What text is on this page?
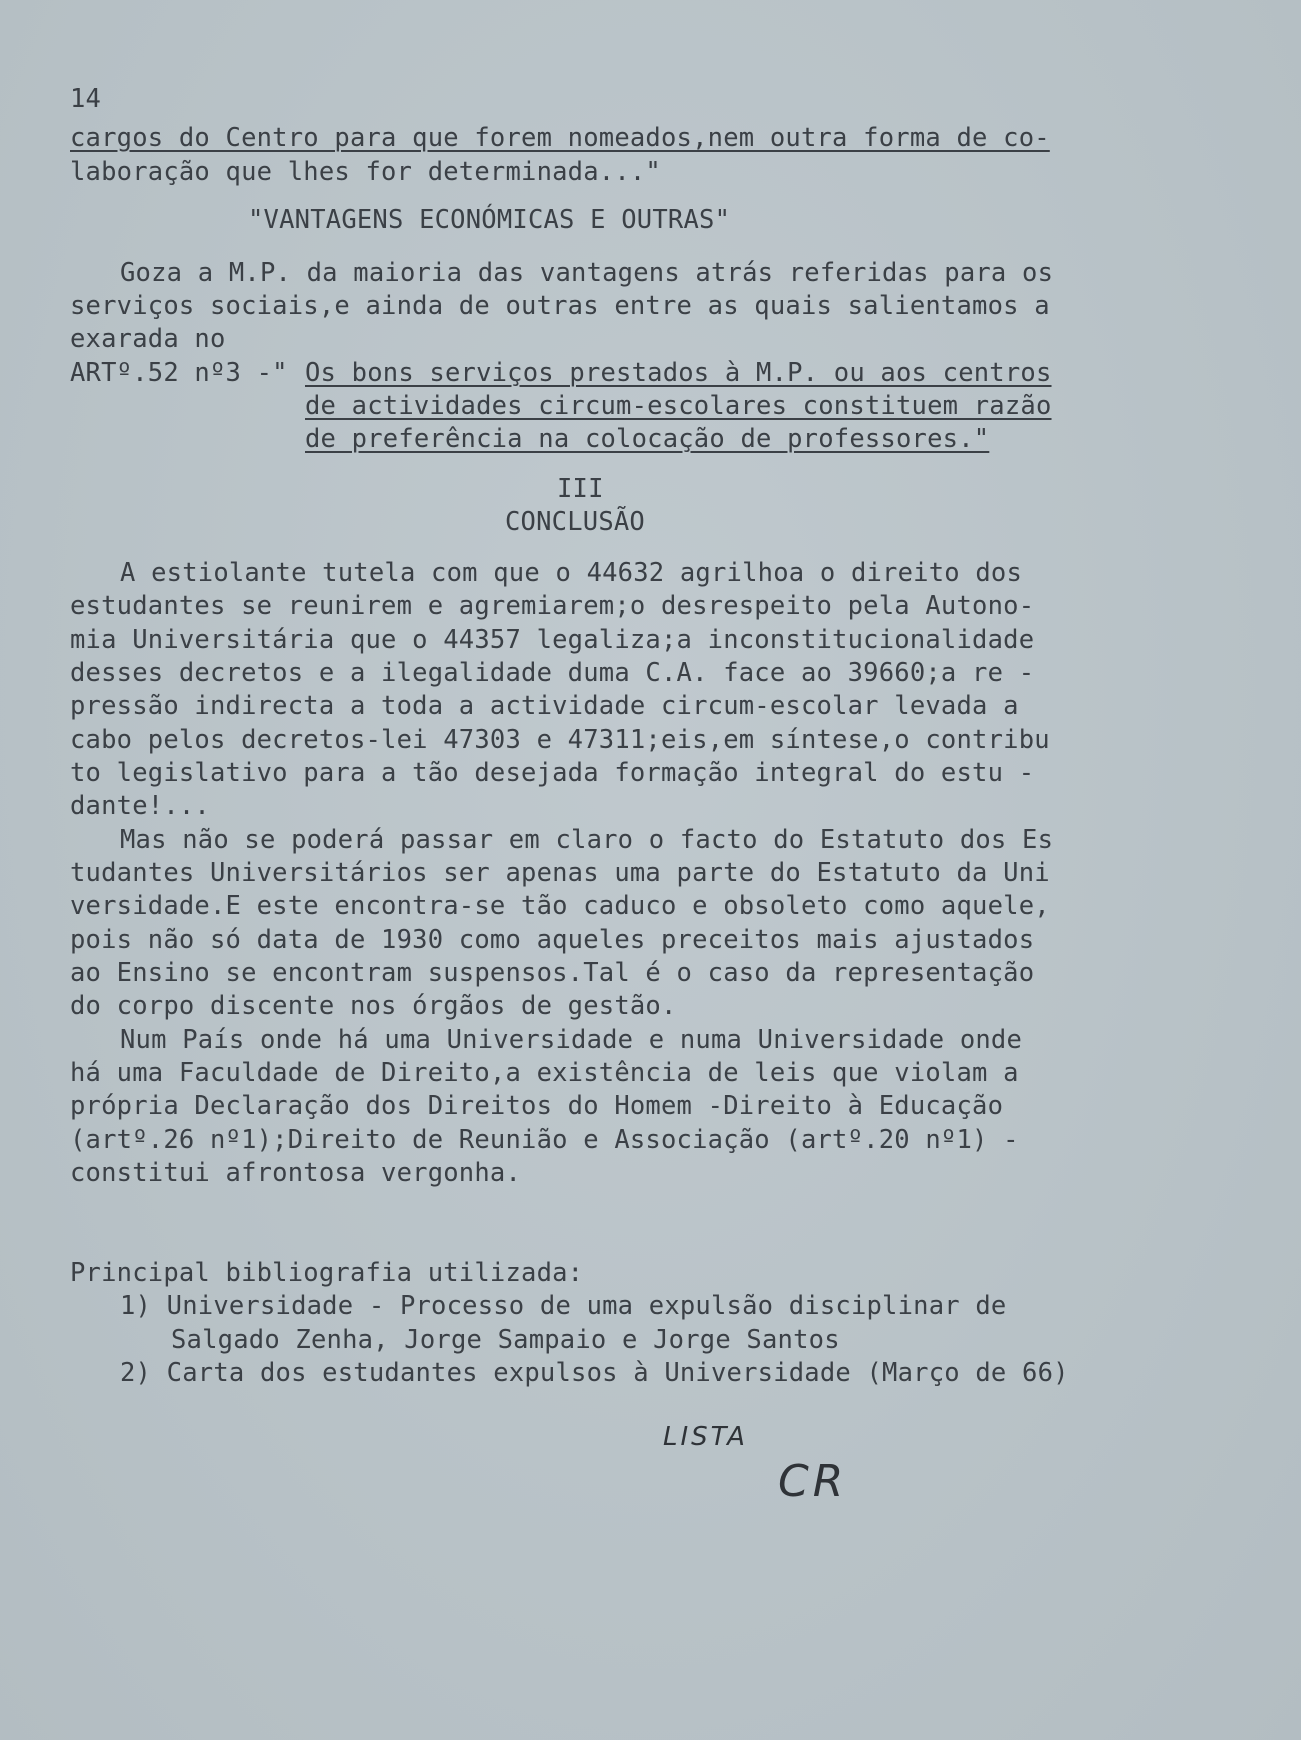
14
cargos do Centro para que forem nomeados,nem outra forma de co-
laboração que lhes for determinada..."
"VANTAGENS ECONÓMICAS E OUTRAS"
Goza a M.P. da maioria das vantagens atrás referidas para os
serviços sociais,e ainda de outras entre as quais salientamos a
exarada no
ARTº.52 nº3 -" Os bons serviços prestados à M.P. ou aos centros
de actividades circum-escolares constituem razão
de preferência na colocação de professores."
III
CONCLUSÃO
A estiolante tutela com que o 44632 agrilhoa o direito dos
estudantes se reunirem e agremiarem;o desrespeito pela Autono-
mia Universitária que o 44357 legaliza;a inconstitucionalidade
desses decretos e a ilegalidade duma C.A. face ao 39660;a re -
pressão indirecta a toda a actividade circum-escolar levada a
cabo pelos decretos-lei 47303 e 47311;eis,em síntese,o contribu
to legislativo para a tão desejada formação integral do estu -
dante!...
Mas não se poderá passar em claro o facto do Estatuto dos Es
tudantes Universitários ser apenas uma parte do Estatuto da Uni
versidade.E este encontra-se tão caduco e obsoleto como aquele,
pois não só data de 1930 como aqueles preceitos mais ajustados
ao Ensino se encontram suspensos.Tal é o caso da representação
do corpo discente nos órgãos de gestão.
Num País onde há uma Universidade e numa Universidade onde
há uma Faculdade de Direito,a existência de leis que violam a
própria Declaração dos Direitos do Homem -Direito à Educação
(artº.26 nº1);Direito de Reunião e Associação (artº.20 nº1) -
constitui afrontosa vergonha.
Principal bibliografia utilizada:
1) Universidade - Processo de uma expulsão disciplinar de
Salgado Zenha, Jorge Sampaio e Jorge Santos
2) Carta dos estudantes expulsos à Universidade (Março de 66)
LISTA
CR
